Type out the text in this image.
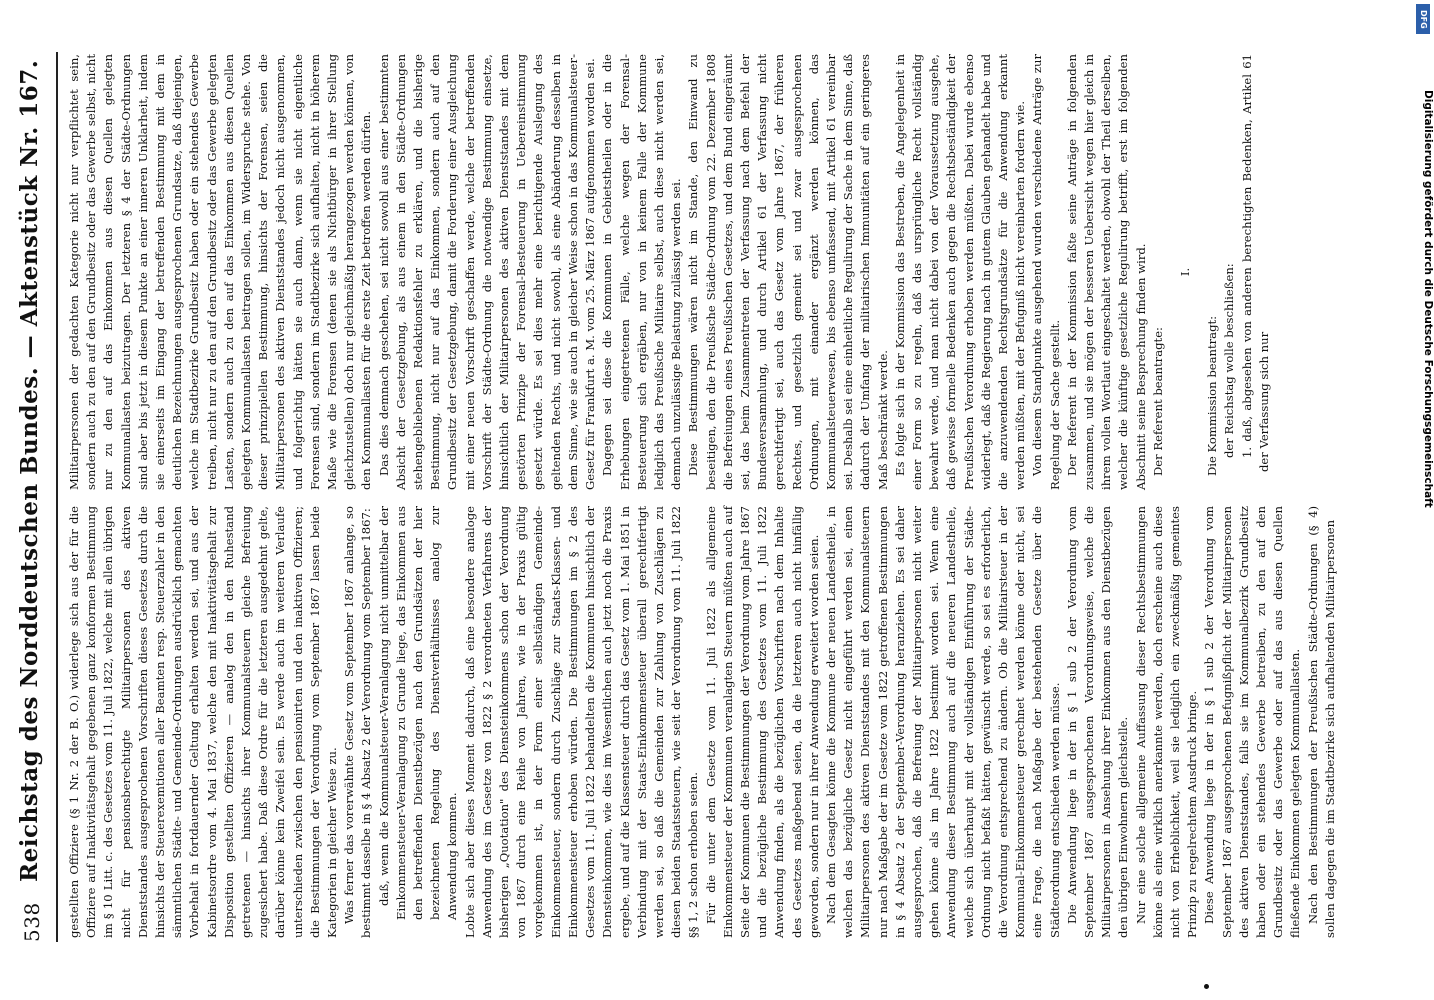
538
Reichstag des Norddeutschen Bundes. — Aktenstück Nr. 167. gestellten Offiziere (§ 1 Nr. 2 der B. O.) widerlege sich aus der für die Offiziere auf Inaktivitätsgehalt gegebenen ganz konformen Bestimmung im § 10 Litt. c. des Gesetzes vom 11. Juli 1822, welche mit allen übrigen nicht für pensionsberechtigte Militairpersonen des aktiven Dienststandes ausgesprochenen Vorschriften dieses Gesetzes durch die hinsichts der Steuerexemtionen aller Beamten resp. Steuerzahler in den sämmtlichen Städte- und Gemeinde-Ordnungen ausdrücklich gemachten Vorbehalt in fortdauernder Geltung erhalten werden sei, und aus der Kabinetsordre vom 4. Mai 1837, welche den mit Inaktivitätsgehalt zur Disposition gestellten Offizieren — analog den in den Ruhestand getretenen — hinsichts ihrer Kommunalsteuern gleiche Befreiung zugesichert habe. Daß diese Ordre für die letzteren ausgedehnt gelte, darüber könne kein Zweifel sein. Es werde auch im weiteren Verlaufe unterschieden zwischen den pensionirten und den inaktiven Offizieren; die Bestimmungen der Verordnung vom September 1867 lassen beide Kategorien in gleicher Weise zu. Was ferner das vorerwähnte Gesetz vom September 1867 anlange, so bestimmt dasselbe in § 4 Absatz 2 der Verordnung vom September 1867: daß, wenn die Kommunalsteuer-Veranlagung nicht unmittelbar der Einkommensteuer-Veranlagung zu Grunde liege, das Einkommen aus den betreffenden Dienstbezügen nach den Grundsätzen der hier bezeichneten Regelung des Dienstverhältnisses analog zur Anwendung kommen. Lobte sich aber dieses Moment dadurch, daß eine besondere analoge Anwendung des im Gesetze von 1822 § 2 verordneten Verfahrens der bisherigen „Quotation" des Diensteinkommens schon der Verordnung von 1867 durch eine Reihe von Jahren, wie in der Praxis gültig vorgekommen ist, in der Form einer selbständigen Gemeinde-Einkommensteuer, sondern durch Zuschläge zur Staats-Klassen- und Einkommensteuer erhoben würden. Die Bestimmungen im § 2 des Gesetzes vom 11. Juli 1822 behandelten die Kommunen hinsichtlich der Diensteinkommen, wie dies im Wesentlichen auch jetzt noch die Praxis ergebe, und auf die Klassensteuer durch das Gesetz vom 1. Mai 1851 in Verbindung mit der Staats-Einkommensteuer überall gerechtfertigt werden sei, so daß die Gemeinden zur Zahlung von Zuschlägen zu diesen beiden Staatssteuern, wie seit der Verordnung vom 11. Juli 1822 §§ 1, 2 schon erhoben seien. Für die unter dem Gesetze vom 11. Juli 1822 als allgemeine Einkommensteuer der Kommunen veranlagten Steuern müßten auch auf Seite der Kommunen die Bestimmungen der Verordnung vom Jahre 1867 und die bezügliche Bestimmung des Gesetzes vom 11. Juli 1822 Anwendung finden, als die bezüglichen Vorschriften nach dem Inhalte des Gesetzes maßgebend seien, da die letzteren auch nicht hinfällig geworden, sondern nur in ihrer Anwendung erweitert worden seien. Nach dem Gesagten könne die Kommune der neuen Landestheile, in welchen das bezügliche Gesetz nicht eingeführt werden sei, einen Militairpersonen des aktiven Dienststandes mit den Kommunalsteuern nur nach Maßgabe der im Gesetze vom 1822 getroffenen Bestimmungen in § 4 Absatz 2 der September-Verordnung heranziehen. Es sei daher ausgesprochen, daß die Befreiung der Militairpersonen nicht weiter gehen könne als im Jahre 1822 bestimmt worden sei. Wenn eine Anwendung dieser Bestimmung auch auf die neueren Landestheile, welche sich überhaupt mit der vollständigen Einführung der Städte-Ordnung nicht befaßt hätten, gewünscht werde, so sei es erforderlich, die Verordnung entsprechend zu ändern. Ob die Militairsteuer in der Kommunal-Einkommensteuer gerechnet werden könne oder nicht, sei eine Frage, die nach Maßgabe der bestehenden Gesetze über die Städteordnung entschieden werden müsse. Die Anwendung liege in der in § 1 sub 2 der Verordnung vom September 1867 ausgesprochenen Verordnungsweise, welche die Militairpersonen in Ansehung ihrer Einkommen aus den Dienstbezügen den übrigen Einwohnern gleichstelle. Nur eine solche allgemeine Auffassung dieser Rechtsbestimmungen könne als eine wirklich anerkannte werden, doch erscheine auch diese nicht von Erheblichkeit, weil sie lediglich ein zweckmäßig gemeintes Prinzip zu regelrechtem Ausdruck bringe. Diese Anwendung liege in der in § 1 sub 2 der Verordnung vom September 1867 ausgesprochenen Befugnißpflicht der Militairpersonen des aktiven Dienststandes, falls sie im Kommunalbezirk Grundbesitz haben oder ein stehendes Gewerbe betreiben, zu den auf den Grundbesitz oder das Gewerbe oder auf das aus diesen Quellen fließende Einkommen gelegten Kommunallasten. Nach den Bestimmungen der Preußischen Städte-Ordnungen (§ 4) sollen dagegen die im Stadtbezirke sich aufhaltenden Militairpersonen

Militairpersonen der gedachten Kategorie nicht nur verpflichtet sein, sondern auch zu den auf den Grundbesitz oder das Gewerbe selbst, nicht nur zu den auf das Einkommen aus diesen Quellen gelegten Kommunallasten beizutragen. Der letzteren § 4 der Städte-Ordnungen sind aber bis jetzt in diesem Punkte an einer inneren Unklarheit, indem sie einerseits im Eingang der betreffenden Bestimmung mit dem in deutlichen Bezeichnungen ausgesprochenen Grundsatze, daß diejenigen, welche im Stadtbezirke Grundbesitz haben oder ein stehendes Gewerbe treiben, nicht nur zu den auf den Grundbesitz oder das Gewerbe gelegten Lasten, sondern auch zu den auf das Einkommen aus diesen Quellen gelegten Kommunallasten beitragen sollen, im Widerspruche stehe. Von dieser prinzipiellen Bestimmung, hinsichts der Forensen, seien die Militairpersonen des aktiven Dienststandes jedoch nicht ausgenommen, und folgerichtig hätten sie auch dann, wenn sie nicht eigentliche Forensen sind, sondern im Stadtbezirke sich aufhalten, nicht in höherem Maße wie die Forensen (denen sie als Nichtbürger in ihrer Stellung gleichzustellen) doch nur gleichmäßig herangezogen werden können, von den Kommunallasten für die erste Zeit betroffen werden dürfen. Das dies demnach geschehen, sei nicht sowohl aus einer bestimmten Absicht der Gesetzgebung, als aus einem in den Städte-Ordnungen stehengebliebenen Redaktionsfehler zu erklären, und die bisherige Bestimmung, nicht nur auf das Einkommen, sondern auch auf den Grundbesitz der Gesetzgebung, damit die Forderung einer Ausgleichung mit einer neuen Vorschrift geschaffen werde, welche der betreffenden Vorschrift der Städte-Ordnung die notwendige Bestimmung einsetze, hinsichtlich der Militairpersonen des aktiven Dienststandes mit dem gestörten Prinzipe der Forensal-Besteuerung in Uebereinstimmung gesetzt würde. Es sei dies mehr eine berichtigende Auslegung des geltenden Rechts, und nicht sowohl, als eine Abänderung desselben in dem Sinne, wie sie auch in gleicher Weise schon in das Kommunalsteuer-Gesetz für Frankfurt a. M. vom 25. März 1867 aufgenommen worden sei. Dagegen sei diese die Kommunen in Gebietstheilen oder in die Erhebungen eingetretenen Fälle, welche wegen der Forensal-Besteuerung sich ergäben, nur von in keinem Falle der Kommune lediglich das Preußische Militaire selbst, auch diese nicht werden sei, demnach unzulässige Belastung zulässig werden sei. Diese Bestimmungen wären nicht im Stande, den Einwand zu beseitigen, den die Preußische Städte-Ordnung vom 22. Dezember 1808 die Befreiungen eines Preußischen Gesetzes, und dem Bund eingeräumt sei, das beim Zusammentreten der Verfassung nach dem Befehl der Bundesversammlung, und durch Artikel 61 der Verfassung nicht gerechtfertigt sei, auch das Gesetz vom Jahre 1867, der früheren Rechtes, und gesetzlich gemeint sei und zwar ausgesprochenen Ordnungen, mit einander ergänzt werden können, das Kommunalsteuerwesen, bis ebenso umfassend, mit Artikel 61 vereinbar sei. Deshalb sei eine einheitliche Regulirung der Sache in dem Sinne, daß dadurch der Umfang der militairischen Immunitäten auf ein geringeres Maß beschränkt werde. Es folgte sich in der Kommission das Bestreben, die Angelegenheit in einer Form so zu regeln, daß das ursprüngliche Recht vollständig bewahrt werde, und man nicht dabei von der Voraussetzung ausgehe, daß gewisse formelle Bedenken auch gegen die Rechtsbeständigkeit der Preußischen Verordnung erhoben werden müßten. Dabei wurde ebenso widerlegt, daß die Regierung nach in gutem Glauben gehandelt habe und die anzuwendenden Rechtsgrundsätze für die Anwendung erkannt werden müßten, mit der Befugniß nicht vereinbarten fordern wie. Von diesem Standpunkte ausgehend wurden verschiedene Anträge zur Regelung der Sache gestellt. Der Referent in der Kommission faßte seine Anträge in folgenden zusammen, und sie mögen der besseren Uebersicht wegen hier gleich in ihrem vollen Wortlaut eingeschaltet werden, obwohl der Theil derselben, welcher die künftige gesetzliche Regulirung betrifft, erst im folgenden Abschnitt seine Besprechung finden wird. Der Referent beantragte:

I.

Die Kommission beantragt: der Reichstag wolle beschließen: 1. daß, abgesehen von anderen berechtigten Bedenken, Artikel 61 der Verfassung sich nur	Digitalisierung gefördert durch die Deutsche Forschungsgemeinschaft
DFG
